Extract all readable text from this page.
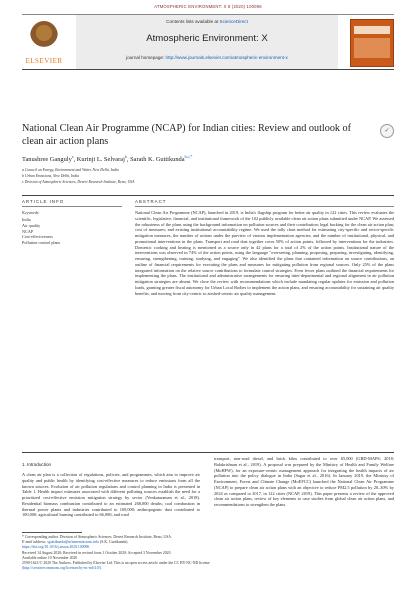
ATMOSPHERIC ENVIRONMENT: X 8 (2020) 100096
ELSEVIER
Contents lists available at ScienceDirect
Atmospheric Environment: X
journal homepage: http://www.journals.elsevier.com/atmospheric-environment-x
National Clean Air Programme (NCAP) for Indian cities: Review and outlook of clean air action plans
✓
Tanushree Ganguly$^a$, Kurinji L. Selvaraj$^b$, Sarath K. Guttikunda$^{b,c,*}$
a Council on Energy, Environment and Water, New Delhi, India
b Urban Emissions, New Delhi, India
c Division of Atmospheric Sciences, Desert Research Institute, Reno, USA
ARTICLE INFO	ABSTRACT
Keywords
India
Air quality
NCAP
Cost-effectiveness
Pollution control plans
National Clean Air Programme (NCAP), launched in 2019, is India's flagship program for better air quality in 122 cities. This review evaluates the scientific, legislative, financial, and institutional framework of the 102 publicly available clean air action plans submitted under NCAP. We assessed the robustness of the plans using the background information on pollution sources and their contribution; legal backing for the clean air action plan; cost of measures; and existing institutional accountability regime. We used the tally chart method for estimating city-specific and sector-specific mitigation measures, the number of actions under the purview of various implementation agencies, and the number of institutional, physical, and promotional interventions in the plans. Transport and road dust together cover 50% of action points, followed by interventions for the industries. Domestic cooking and heating is mentioned as a source only in 42 plans for a total of 2% of the action points. Institutional nature of the interventions was observed in 74% of the action points, using the language "overseeing, planning, proposing, preparing, investigating, identifying, ensuring, strengthening, training, studying, and engaging". We also identified the plans that contained information on source contributions, an outline of financial requirements for executing the plans and measures for mitigating pollution from regional sources. Only 25% of the plans integrated information on the relative source contributions to formulate control strategies. Even fewer plans outlined the financial requirements for implementing the plans. The institutional and administrative arrangements for ensuring inter-departmental and regional alignment in air pollution mitigation strategies are absent. We close the review with recommendations which include mandating regular updates for emission and pollution loads, granting greater fiscal autonomy for Urban Local Bodies to implement the action plans, and ensuring accountability for sustaining air quality benefits, and moving from city-centric to airshed-centric air quality management.
1. Introduction
A clean air plan is a collection of regulations, policies, and programmes, which aim to improve air quality and public health by identifying cost-effective measures to reduce emissions from all the known sources. Evolution of air pollution regulations and control planning in India is presented in Table 1. Health impact estimates associated with different polluting sources establish the need for a prioritized cost-effective emission mitigation strategy by sector (Venkataraman et al., 2018). Residential biomass combustion contributed to an estimated 268,000 deaths; coal combustion in thermal power plants and industries contributed to 169,000; anthropogenic dust contributed to 100,000; agricultural burning contributed to 66,000; and road
transport, non-road diesel, and brick kilns contributed to over 65,000 (GBD-MAPS, 2018; Balakrishnan et al., 2019). A proposal was prepared by the Ministry of Health and Family Welfare (MoHFW), for an exposure-centric management approach for integrating the health impacts of air pollution into the policy dialogue in India (Sagar et al., 2016). In January 2019, the Ministry of Environment, Forest and Climate Change (MoEFCC) launched the National Clean Air Programme (NCAP) to prepare clean air action plans with an objective to reduce PM2.5 pollution by 20–30% by 2024 as compared to 2017, in 122 cities (NCAP, 2019). This paper presents a review of the approved clean air action plans, review of key elements to case studies from global clean air action plans, and recommendations to strengthen the plans.
* Corresponding author. Division of Atmospheric Sciences, Desert Research Institute, Reno, USA.
E-mail address: sguttikunda@urbanemissions.info (S.K. Guttikunda).
https://doi.org/10.1016/j.aeaoa.2020.100096
Received 14 August 2020; Received in revised form 1 October 2020; Accepted 3 November 2020
Available online 10 November 2020
2590-1621/© 2020 The Authors. Published by Elsevier Ltd. This is an open access article under the CC BY-NC-ND license
(http://creativecommons.org/licenses/by-nc-nd/4.0/).
